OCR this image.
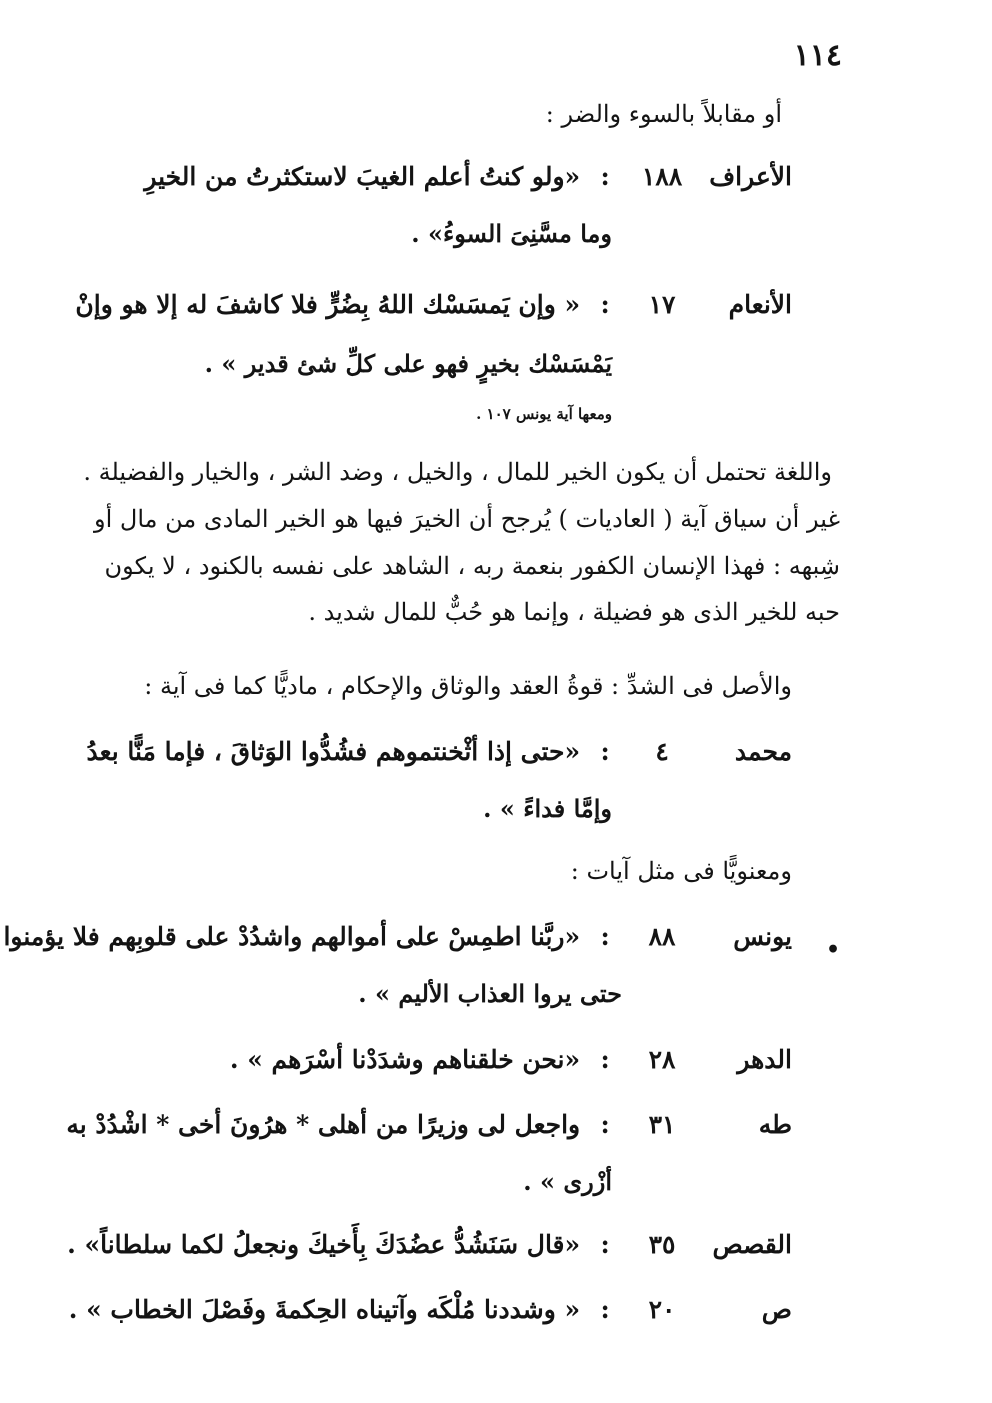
١١٤
أو مقابلاً بالسوء والضر :
الأعراف ١٨٨ : «ولو كنتُ أعلم الغيبَ لاستكثرتُ من الخيرِ
وما مسَّنِىَ السوءُ» .
الأنعام ١٧ : « وإن يَمسَسْك اللهُ بِضُرٍّ فلا كاشفَ له إلا هو وإنْ
يَمْسَسْك بخيرٍ فهو على كلِّ شئ قدير » .
ومعها آية يونس ١٠٧ .
واللغة تحتمل أن يكون الخير للمال ، والخيل ، وضد الشر ، والخيار والفضيلة .
غير أن سياق آية ( العاديات ) يُرجح أن الخيرَ فيها هو الخير المادى من مال أو
شِبهه : فهذا الإنسان الكفور بنعمة ربه ، الشاهد على نفسه بالكنود ، لا يكون
حبه للخير الذى هو فضيلة ، وإنما هو حُبٌّ للمال شديد .
والأصل فى الشدِّ : قوةُ العقد والوثاق والإحكام ، ماديًّا كما فى آية :
محمد ٤ : «حتى إذا أثْخنتموهم فشُدُّوا الوَثاقَ ، فإما مَنًّا بعدُ
وإمَّا فداءً » .
ومعنويًّا فى مثل آيات :
•
يونس ٨٨ : «ربَّنا اطمِسْ على أموالهم واشدُدْ على قلوبِهم فلا يؤمنوا
حتى يروا العذاب الأليم » .
الدهر ٢٨ : «نحن خلقناهم وشدَدْنا أسْرَهم » .
طه ٣١ : واجعل لى وزيرًا من أهلى * هرُونَ أخى * اشْدُدْ به
أزْرى » .
القصص ٣٥ : «قال سَنَشُدُّ عضُدَكَ بِأَخيكَ ونجعلُ لكما سلطاناً» .
ص ٢٠ : « وشددنا مُلْكَه وآتيناه الحِكمةَ وفَصْلَ الخطاب » .
